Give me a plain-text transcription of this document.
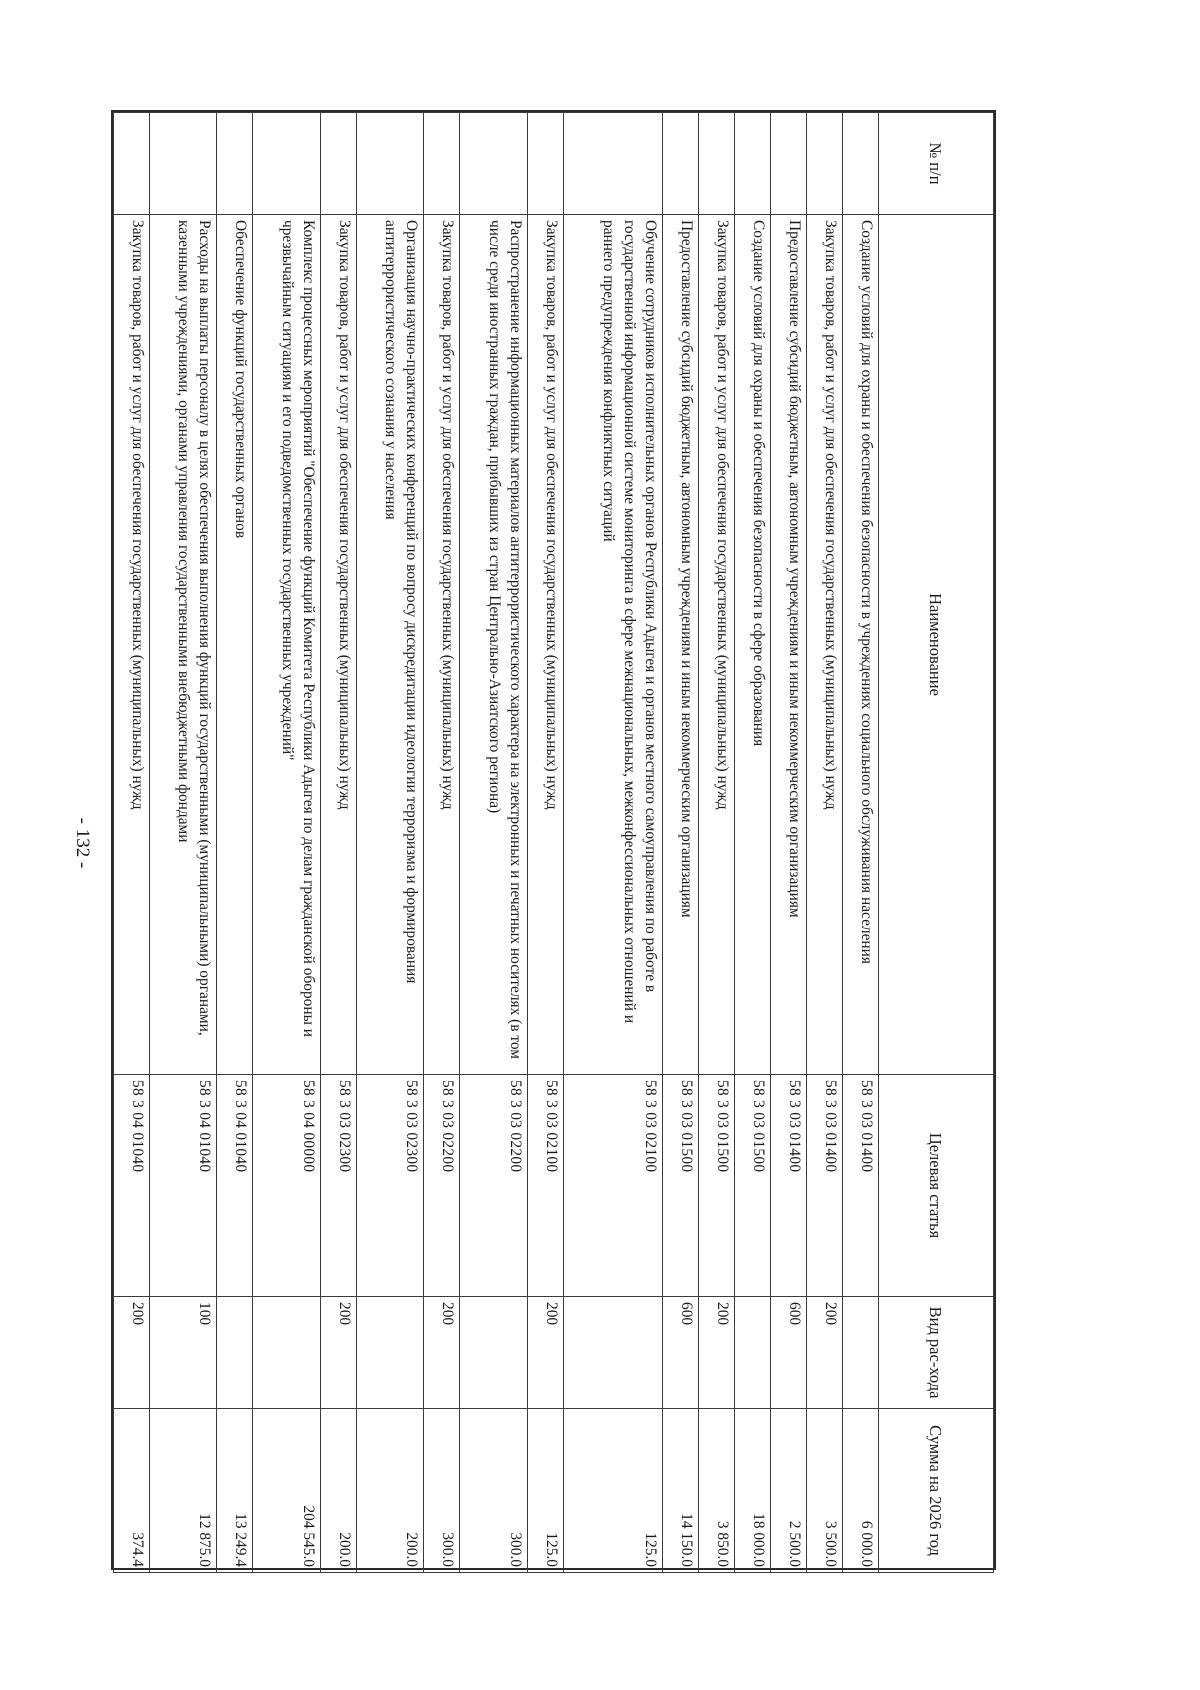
- 132 -
№ п/п	Наименование	Целевая статья	Вид рас-хода	Сумма на 2026 год
	Создание условий для охраны и обеспечения безопасности в учреждениях социального обслуживания населения	58 3 03 01400		6 000.0
	Закупка товаров, работ и услуг для обеспечения государственных (муниципальных) нужд	58 3 03 01400	200	3 500.0
	Предоставление субсидий бюджетным, автономным учреждениям и иным некоммерческим организациям	58 3 03 01400	600	2 500.0
	Создание условий для охраны и обеспечения безопасности в сфере образования	58 3 03 01500		18 000.0
	Закупка товаров, работ и услуг для обеспечения государственных (муниципальных) нужд	58 3 03 01500	200	3 850.0
	Предоставление субсидий бюджетным, автономным учреждениям и иным некоммерческим организациям	58 3 03 01500	600	14 150.0
	Обучение сотрудников исполнительных органов Республики Адыгея и органов местного самоуправления по работе в государственной информационной системе мониторинга в сфере межнациональных, межконфессиональных отношений и раннего предупреждения конфликтных ситуаций	58 3 03 02100		125.0
	Закупка товаров, работ и услуг для обеспечения государственных (муниципальных) нужд	58 3 03 02100	200	125.0
	Распространение информационных материалов антитеррористического характера на электронных и печатных носителях (в том числе среди иностранных граждан, прибывших из стран Центрально-Азиатского региона)	58 3 03 02200		300.0
	Закупка товаров, работ и услуг для обеспечения государственных (муниципальных) нужд	58 3 03 02200	200	300.0
	Организация научно-практических конференций по вопросу дискредитации идеологии терроризма и формирования антитеррористического сознания у населения	58 3 03 02300		200.0
	Закупка товаров, работ и услуг для обеспечения государственных (муниципальных) нужд	58 3 03 02300	200	200.0
	Комплекс процессных мероприятий "Обеспечение функций Комитета Республики Адыгея по делам гражданской обороны и чрезвычайным ситуациям и его подведомственных государственных учреждений"	58 3 04 00000		204 545.0
	Обеспечение функций государственных органов	58 3 04 01040		13 249.4
	Расходы на выплаты персоналу в целях обеспечения выполнения функций государственными (муниципальными) органами, казенными учреждениями, органами управления государственными внебюджетными фондами	58 3 04 01040	100	12 875.0
	Закупка товаров, работ и услуг для обеспечения государственных (муниципальных) нужд	58 3 04 01040	200	374.4
